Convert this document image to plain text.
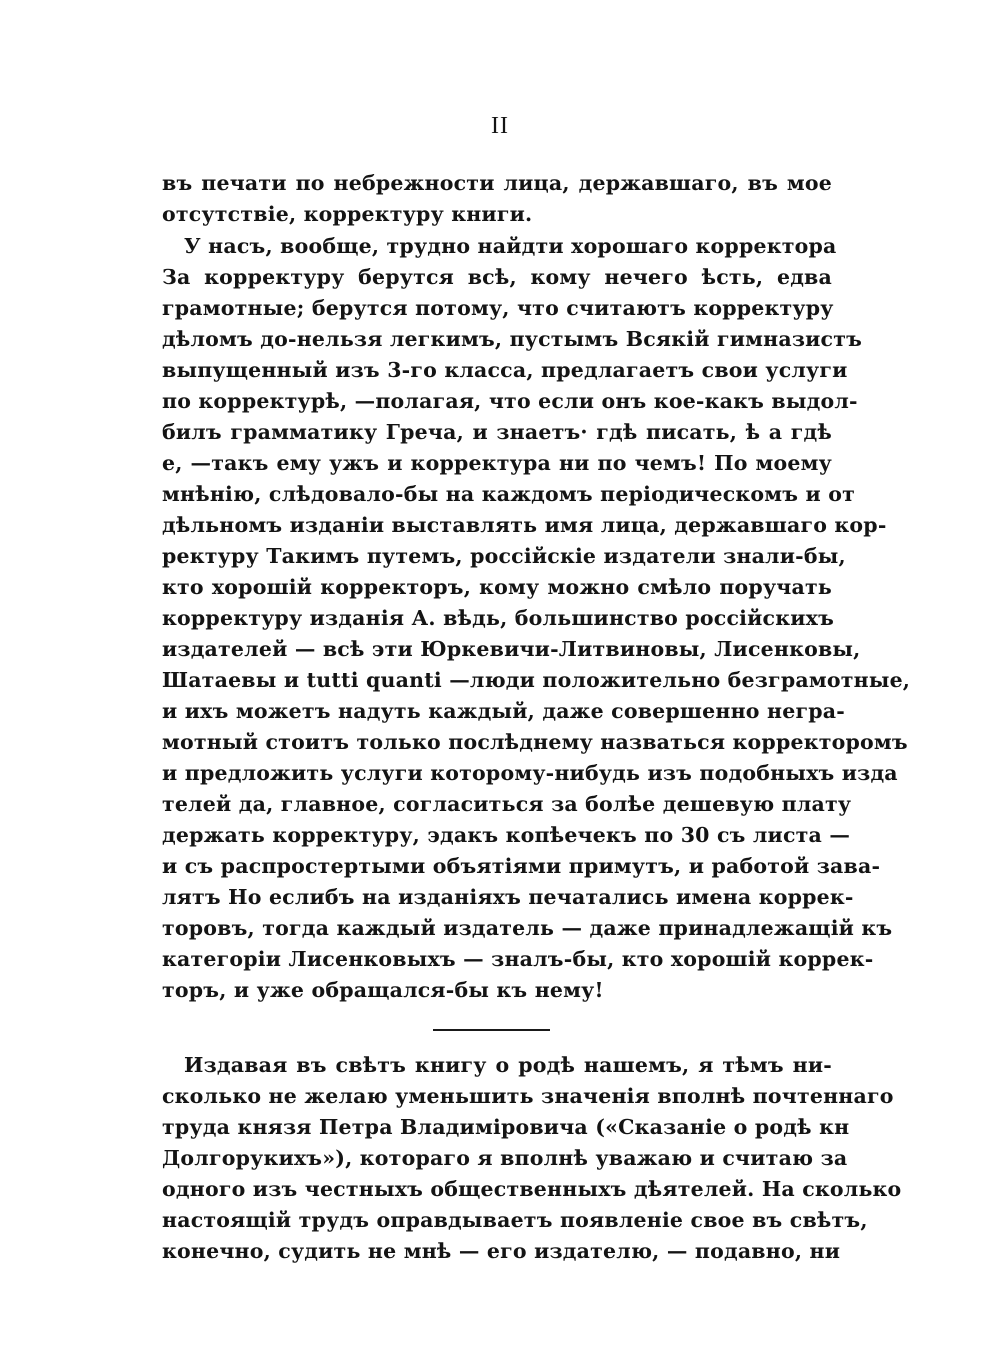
II
въ печати по небрежности лица, державшаго, въ мое
отсутствіе, корректуру книги.
У насъ, вообще, трудно найдти хорошаго корректора
За корректуру берутся всѣ, кому нечего ѣсть, едва
грамотные; берутся потому, что считаютъ корректуру
дѣломъ до-нельзя легкимъ, пустымъ Всякій гимназистъ
выпущенный изъ 3-го класса, предлагаетъ свои услуги
по корректурѣ, —полагая, что если онъ кое-какъ выдол-
билъ грамматику Греча, и знаетъ· гдѣ писать, ѣ а гдѣ
е, —такъ ему ужъ и корректура ни по чемъ! По моему
мнѣнію, слѣдовало-бы на каждомъ періодическомъ и от
дѣльномъ изданіи выставлять имя лица, державшаго кор-
ректуру Такимъ путемъ, россійскіе издатели знали-бы,
кто хорошій корректоръ, кому можно смѣло поручать
корректуру изданія А. вѣдь, большинство россійскихъ
издателей — всѣ эти Юркевичи-Литвиновы, Лисенковы,
Шатаевы и tutti quanti —люди положительно безграмотные,
и ихъ можетъ надуть каждый, даже совершенно негра-
мотный стоитъ только послѣднему назваться корректоромъ
и предложить услуги которому-нибудь изъ подобныхъ изда
телей да, главное, согласиться за болѣе дешевую плату
держать корректуру, эдакъ копѣечекъ по 30 съ листа —
и съ распростертыми объятіями примутъ, и работой зава-
лятъ Но еслибъ на изданіяхъ печатались имена коррек-
торовъ, тогда каждый издатель — даже принадлежащій къ
категоріи Лисенковыхъ — зналъ-бы, кто хорошій коррек-
торъ, и уже обращался-бы къ нему!
Издавая въ свѣтъ книгу о родѣ нашемъ, я тѣмъ ни-
сколько не желаю уменьшить значенія вполнѣ почтеннаго
труда князя Петра Владиміровича («Сказаніе о родѣ кн
Долгорукихъ»), котораго я вполнѣ уважаю и считаю за
одного изъ честныхъ общественныхъ дѣятелей. На сколько
настоящій трудъ оправдываетъ появленіе свое въ свѣтъ,
конечно, судить не мнѣ — его издателю, — подавно, ни
